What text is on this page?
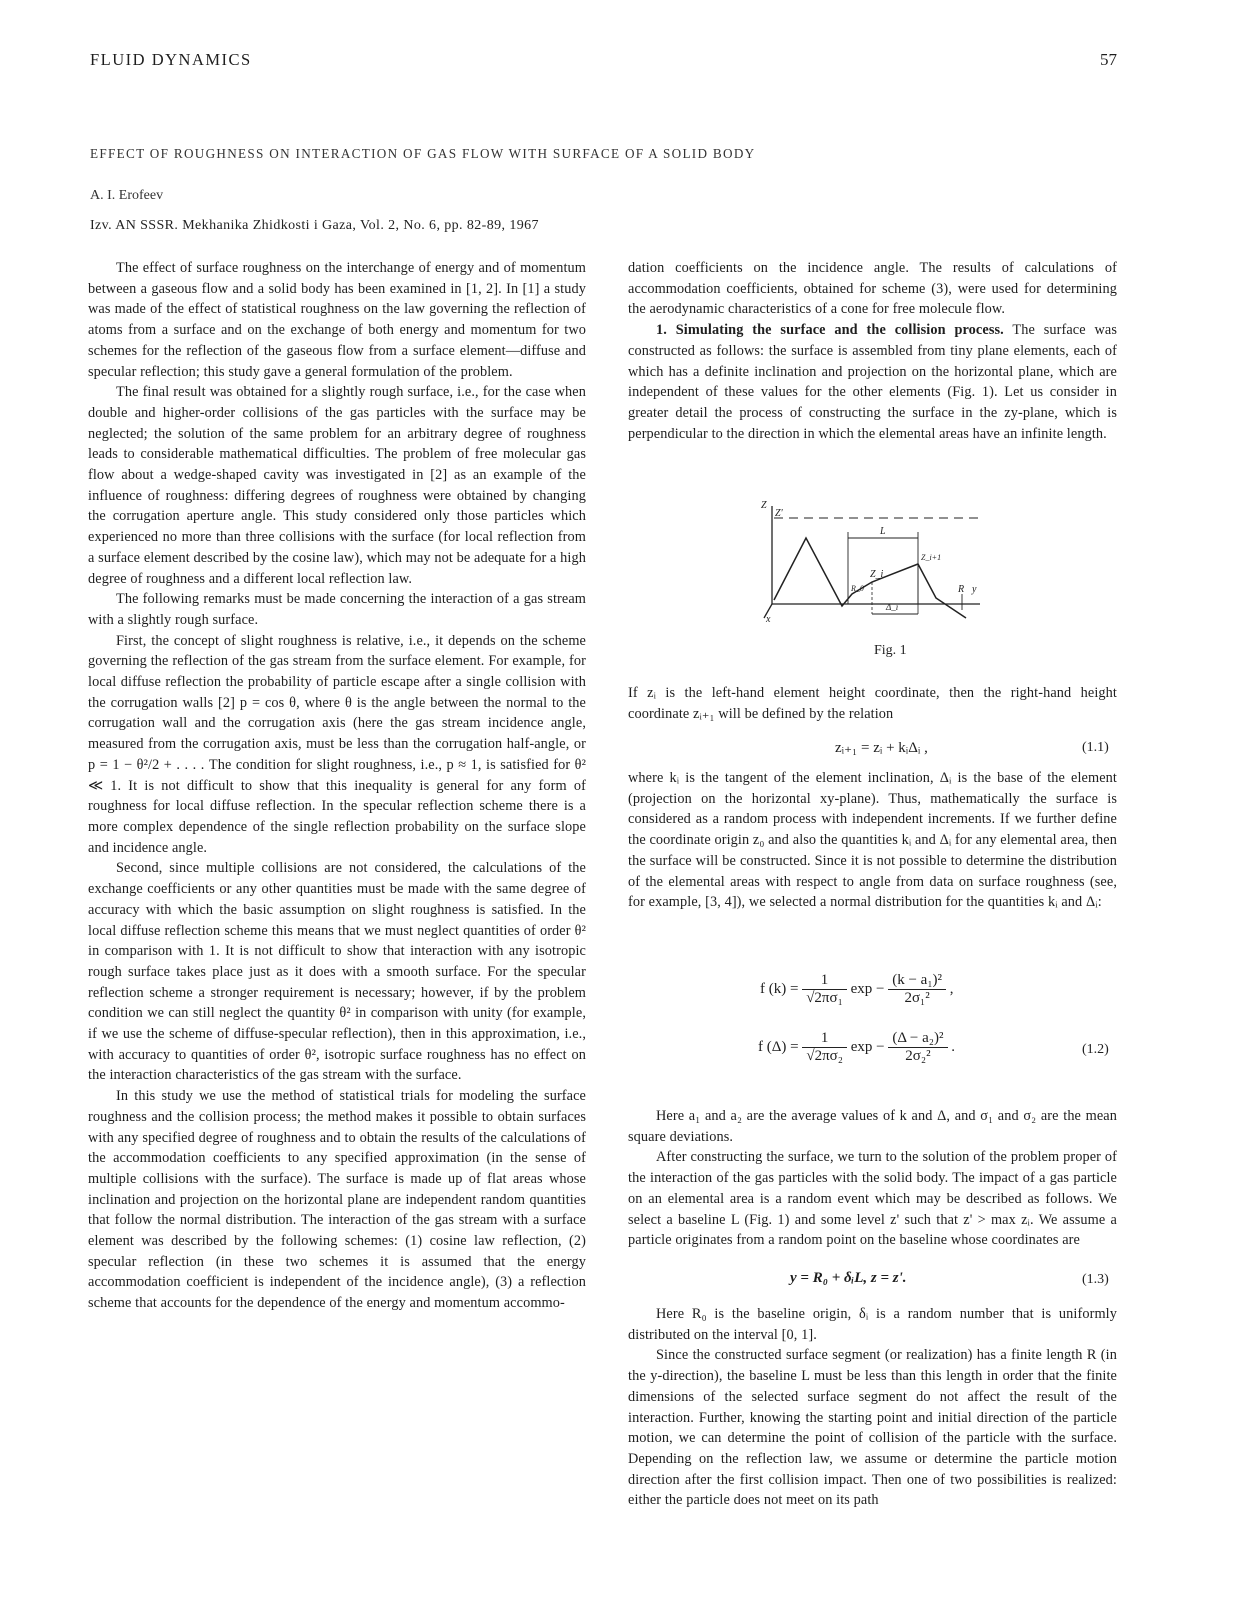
FLUID DYNAMICS	57
EFFECT OF ROUGHNESS ON INTERACTION OF GAS FLOW WITH SURFACE OF A SOLID BODY
A. I. Erofeev
Izv. AN SSSR. Mekhanika Zhidkosti i Gaza, Vol. 2, No. 6, pp. 82-89, 1967

The effect of surface roughness on the interchange of energy and of momentum between a gaseous flow and a solid body has been examined in [1, 2]. In [1] a study was made of the effect of statistical roughness on the law governing the reflection of atoms from a surface and on the exchange of both energy and momentum for two schemes for the reflection of the gaseous flow from a surface element—diffuse and specular reflection; this study gave a general formulation of the problem.

The final result was obtained for a slightly rough surface, i.e., for the case when double and higher-order collisions of the gas particles with the surface may be neglected; the solution of the same problem for an arbitrary degree of roughness leads to considerable mathematical difficulties. The problem of free molecular gas flow about a wedge-shaped cavity was investigated in [2] as an example of the influence of roughness: differing degrees of roughness were obtained by changing the corrugation aperture angle. This study considered only those particles which experienced no more than three collisions with the surface (for local reflection from a surface element described by the cosine law), which may not be adequate for a high degree of roughness and a different local reflection law.

The following remarks must be made concerning the interaction of a gas stream with a slightly rough surface.

First, the concept of slight roughness is relative, i.e., it depends on the scheme governing the reflection of the gas stream from the surface element. For example, for local diffuse reflection the probability of particle escape after a single collision with the corrugation walls [2] p = cos θ, where θ is the angle between the normal to the corrugation wall and the corrugation axis (here the gas stream incidence angle, measured from the corrugation axis, must be less than the corrugation half-angle, or p = 1 − θ²/2 + . . . . The condition for slight roughness, i.e., p ≈ 1, is satisfied for θ² ≪ 1. It is not difficult to show that this inequality is general for any form of roughness for local diffuse reflection. In the specular reflection scheme there is a more complex dependence of the single reflection probability on the surface slope and incidence angle.

Second, since multiple collisions are not considered, the calculations of the exchange coefficients or any other quantities must be made with the same degree of accuracy with which the basic assumption on slight roughness is satisfied. In the local diffuse reflection scheme this means that we must neglect quantities of order θ² in comparison with 1. It is not difficult to show that interaction with any isotropic rough surface takes place just as it does with a smooth surface. For the specular reflection scheme a stronger requirement is necessary; however, if by the problem condition we can still neglect the quantity θ² in comparison with unity (for example, if we use the scheme of diffuse-specular reflection), then in this approximation, i.e., with accuracy to quantities of order θ², isotropic surface roughness has no effect on the interaction characteristics of the gas stream with the surface.

In this study we use the method of statistical trials for modeling the surface roughness and the collision process; the method makes it possible to obtain surfaces with any specified degree of roughness and to obtain the results of the calculations of the accommodation coefficients to any specified approximation (in the sense of multiple collisions with the surface). The surface is made up of flat areas whose inclination and projection on the horizontal plane are independent random quantities that follow the normal distribution. The interaction of the gas stream with a surface element was described by the following schemes: (1) cosine law reflection, (2) specular reflection (in these two schemes it is assumed that the energy accommodation coefficient is independent of the incidence angle), (3) a reflection scheme that accounts for the dependence of the energy and momentum accommo-

dation coefficients on the incidence angle. The results of calculations of accommodation coefficients, obtained for scheme (3), were used for determining the aerodynamic characteristics of a cone for free molecule flow.

1. Simulating the surface and the collision process. The surface was constructed as follows: the surface is assembled from tiny plane elements, each of which has a definite inclination and projection on the horizontal plane, which are independent of these values for the other elements (Fig. 1). Let us consider in greater detail the process of constructing the surface in the zy-plane, which is perpendicular to the direction in which the elemental areas have an infinite length.

Z
Z'
L
Z_i
Z_i+1
R_0	R y
x
Δ_i
Fig. 1

If zᵢ is the left-hand element height coordinate, then the right-hand height coordinate zᵢ₊₁ will be defined by the relation

zᵢ₊₁ = zᵢ + kᵢΔᵢ ,	(1.1)

where kᵢ is the tangent of the element inclination, Δᵢ is the base of the element (projection on the horizontal xy-plane). Thus, mathematically the surface is considered as a random process with independent increments. If we further define the coordinate origin z₀ and also the quantities kᵢ and Δᵢ for any elemental area, then the surface will be constructed. Since it is not possible to determine the distribution of the elemental areas with respect to angle from data on surface roughness (see, for example, [3, 4]), we selected a normal distribution for the quantities kᵢ and Δᵢ:

f $(k) = \frac{1}{\text{√2πσ₁}}$ $\exp - \frac{\text{(k − a₁)²}}{\text{2σ₁²}}$ ,
f $(\Delta) = \frac{1}{\text{√2πσ₂}}$ $\exp - \frac{\text{(Δ − a₂)²}}{\text{2σ₂²}}$ .	(1.2)

Here a₁ and a₂ are the average values of k and Δ, and σ₁ and σ₂ are the mean square deviations.

After constructing the surface, we turn to the solution of the problem proper of the interaction of the gas particles with the solid body. The impact of a gas particle on an elemental area is a random event which may be described as follows. We select a baseline L (Fig. 1) and some level z' such that z' > max zᵢ. We assume a particle originates from a random point on the baseline whose coordinates are

y = R₀ + δᵢL, z = z'.	(1.3)

Here R₀ is the baseline origin, δᵢ is a random number that is uniformly distributed on the interval [0, 1].

Since the constructed surface segment (or realization) has a finite length R (in the y-direction), the baseline L must be less than this length in order that the finite dimensions of the selected surface segment do not affect the result of the interaction. Further, knowing the starting point and initial direction of the particle motion, we can determine the point of collision of the particle with the surface. Depending on the reflection law, we assume or determine the particle motion direction after the first collision impact. Then one of two possibilities is realized: either the particle does not meet on its path
